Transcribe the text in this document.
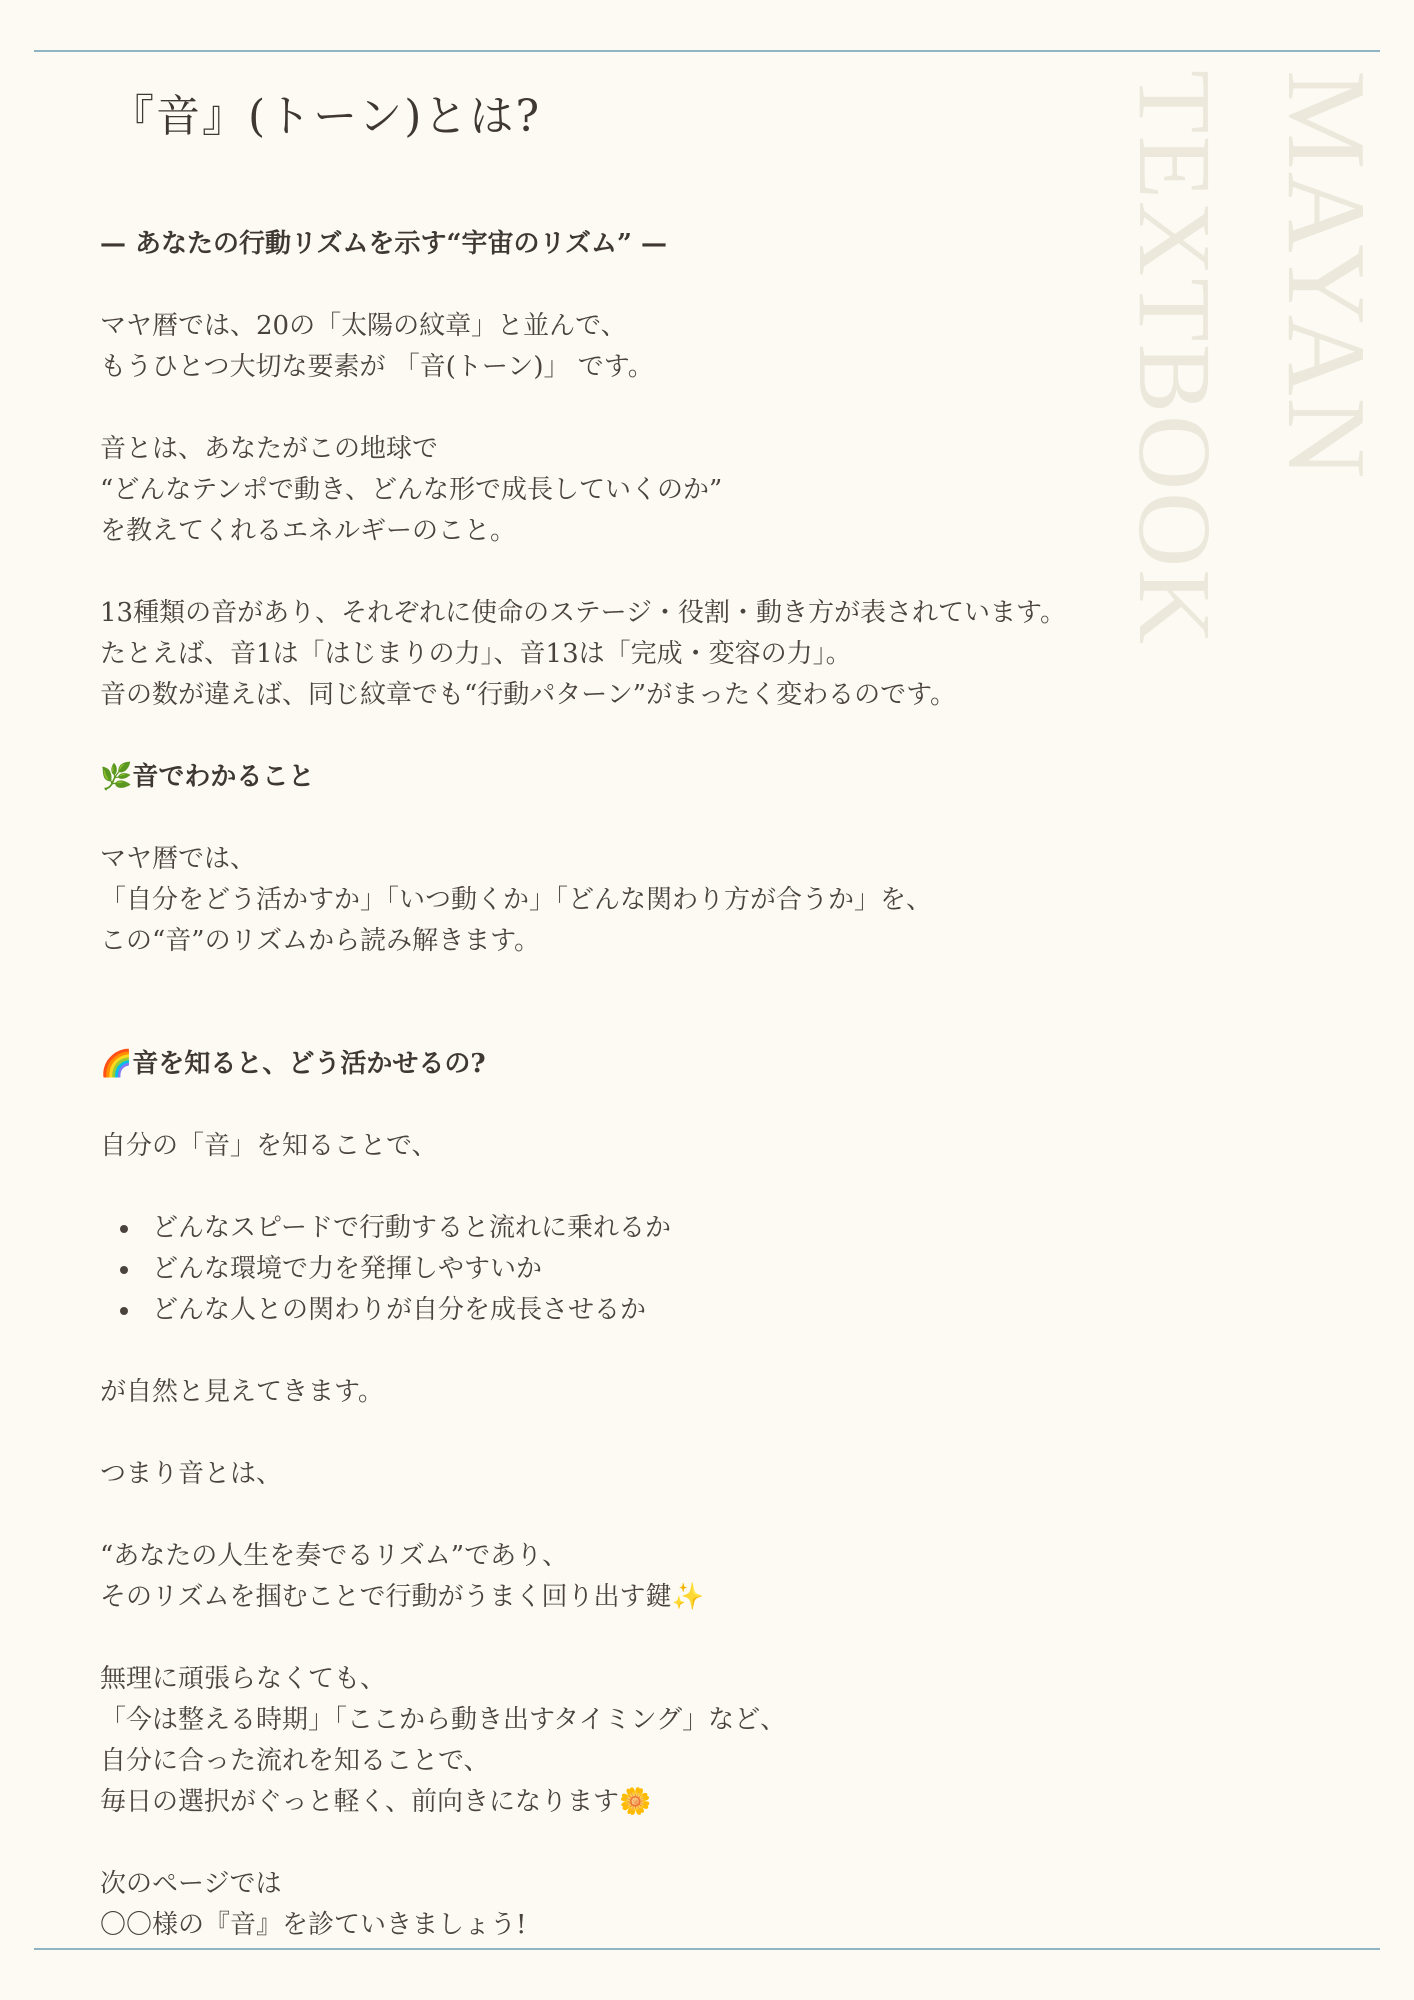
MAYAN
TEXTBOOK
『音』(トーン)とは?

— あなたの行動リズムを示す“宇宙のリズム” —

マヤ暦では、20の「太陽の紋章」と並んで、

もうひとつ大切な要素が 「音(トーン)」 です。

音とは、あなたがこの地球で

“どんなテンポで動き、どんな形で成長していくのか”

を教えてくれるエネルギーのこと。

13種類の音があり、それぞれに使命のステージ・役割・動き方が表されています。

たとえば、音1は「はじまりの力」、音13は「完成・変容の力」。

音の数が違えば、同じ紋章でも“行動パターン”がまったく変わるのです。

🌿音でわかること

マヤ暦では、

「自分をどう活かすか」「いつ動くか」「どんな関わり方が合うか」を、

この“音”のリズムから読み解きます。

🌈音を知ると、どう活かせるの?

自分の「音」を知ることで、

どんなスピードで行動すると流れに乗れるか
どんな環境で力を発揮しやすいか
どんな人との関わりが自分を成長させるか

が自然と見えてきます。

つまり音とは、

“あなたの人生を奏でるリズム”であり、

そのリズムを掴むことで行動がうまく回り出す鍵✨

無理に頑張らなくても、

「今は整える時期」「ここから動き出すタイミング」など、

自分に合った流れを知ることで、

毎日の選択がぐっと軽く、前向きになります🌼

次のページでは

〇〇様の『音』を診ていきましょう!
